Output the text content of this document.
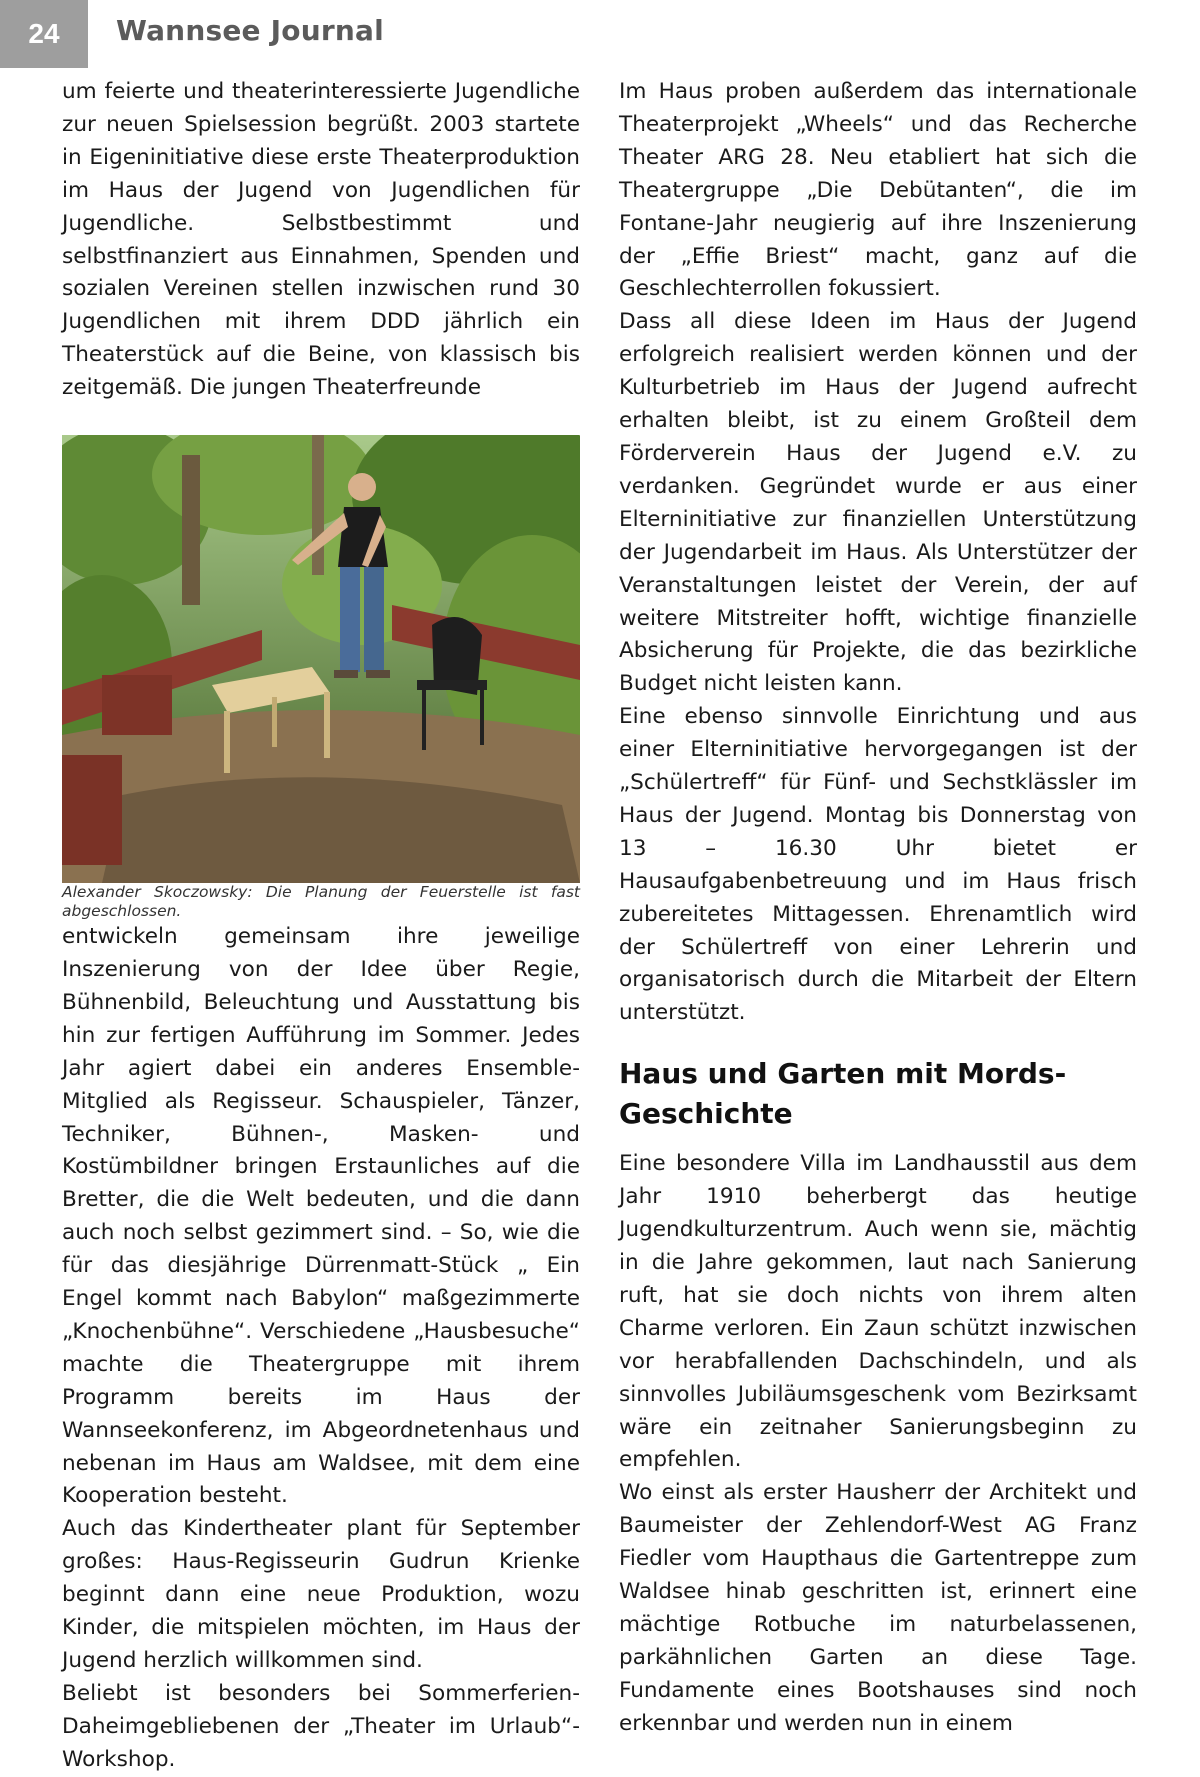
24	Wannsee Journal

um feierte und theaterinteressierte Jugendliche zur neuen Spielsession begrüßt. 2003 startete in Eigeninitiative diese erste Theaterproduktion im Haus der Jugend von Jugendlichen für Jugendliche. Selbstbestimmt und selbstfinanziert aus Einnahmen, Spenden und sozialen Vereinen stellen inzwischen rund 30 Jugendlichen mit ihrem DDD jährlich ein Theaterstück auf die Beine, von klassisch bis zeitgemäß. Die jungen Theaterfreunde

Alexander Skoczowsky: Die Planung der Feuerstelle ist fast abgeschlossen.

entwickeln gemeinsam ihre jeweilige Inszenierung von der Idee über Regie, Bühnenbild, Beleuchtung und Ausstattung bis hin zur fertigen Aufführung im Sommer. Jedes Jahr agiert dabei ein anderes Ensemble-Mitglied als Regisseur. Schauspieler, Tänzer, Techniker, Bühnen-, Masken- und Kostümbildner bringen Erstaunliches auf die Bretter, die die Welt bedeuten, und die dann auch noch selbst gezimmert sind. – So, wie die für das diesjährige Dürrenmatt-Stück „ Ein Engel kommt nach Babylon“ maßgezimmerte „Knochenbühne“. Verschiedene „Hausbesuche“ machte die Theatergruppe mit ihrem Programm bereits im Haus der Wannseekonferenz, im Abgeordnetenhaus und nebenan im Haus am Waldsee, mit dem eine Kooperation besteht.

Auch das Kindertheater plant für September großes: Haus-Regisseurin Gudrun Krienke beginnt dann eine neue Produktion, wozu Kinder, die mitspielen möchten, im Haus der Jugend herzlich willkommen sind.

Beliebt ist besonders bei Sommerferien-Daheimgebliebenen der „Theater im Urlaub“-Workshop.

Im Haus proben außerdem das internationale Theaterprojekt „Wheels“ und das Recherche Theater ARG 28. Neu etabliert hat sich die Theatergruppe „Die Debütanten“, die im Fontane-Jahr neugierig auf ihre Inszenierung der „Effie Briest“ macht, ganz auf die Geschlechterrollen fokussiert.

Dass all diese Ideen im Haus der Jugend erfolgreich realisiert werden können und der Kulturbetrieb im Haus der Jugend aufrecht erhalten bleibt, ist zu einem Großteil dem Förderverein Haus der Jugend e.V. zu verdanken. Gegründet wurde er aus einer Elterninitiative zur finanziellen Unterstützung der Jugendarbeit im Haus. Als Unterstützer der Veranstaltungen leistet der Verein, der auf weitere Mitstreiter hofft, wichtige finanzielle Absicherung für Projekte, die das bezirkliche Budget nicht leisten kann.

Eine ebenso sinnvolle Einrichtung und aus einer Elterninitiative hervorgegangen ist der „Schülertreff“ für Fünf- und Sechstklässler im Haus der Jugend. Montag bis Donnerstag von 13 – 16.30 Uhr bietet er Hausaufgabenbetreuung und im Haus frisch zubereitetes Mittagessen. Ehrenamtlich wird der Schülertreff von einer Lehrerin und organisatorisch durch die Mitarbeit der Eltern unterstützt.

Haus und Garten mit Mords-Geschichte

Eine besondere Villa im Landhausstil aus dem Jahr 1910 beherbergt das heutige Jugendkulturzentrum. Auch wenn sie, mächtig in die Jahre gekommen, laut nach Sanierung ruft, hat sie doch nichts von ihrem alten Charme verloren. Ein Zaun schützt inzwischen vor herabfallenden Dachschindeln, und als sinnvolles Jubiläumsgeschenk vom Bezirksamt wäre ein zeitnaher Sanierungsbeginn zu empfehlen.

Wo einst als erster Hausherr der Architekt und Baumeister der Zehlendorf-West AG Franz Fiedler vom Haupthaus die Gartentreppe zum Waldsee hinab geschritten ist, erinnert eine mächtige Rotbuche im naturbelassenen, parkähnlichen Garten an diese Tage. Fundamente eines Bootshauses sind noch erkennbar und werden nun in einem
